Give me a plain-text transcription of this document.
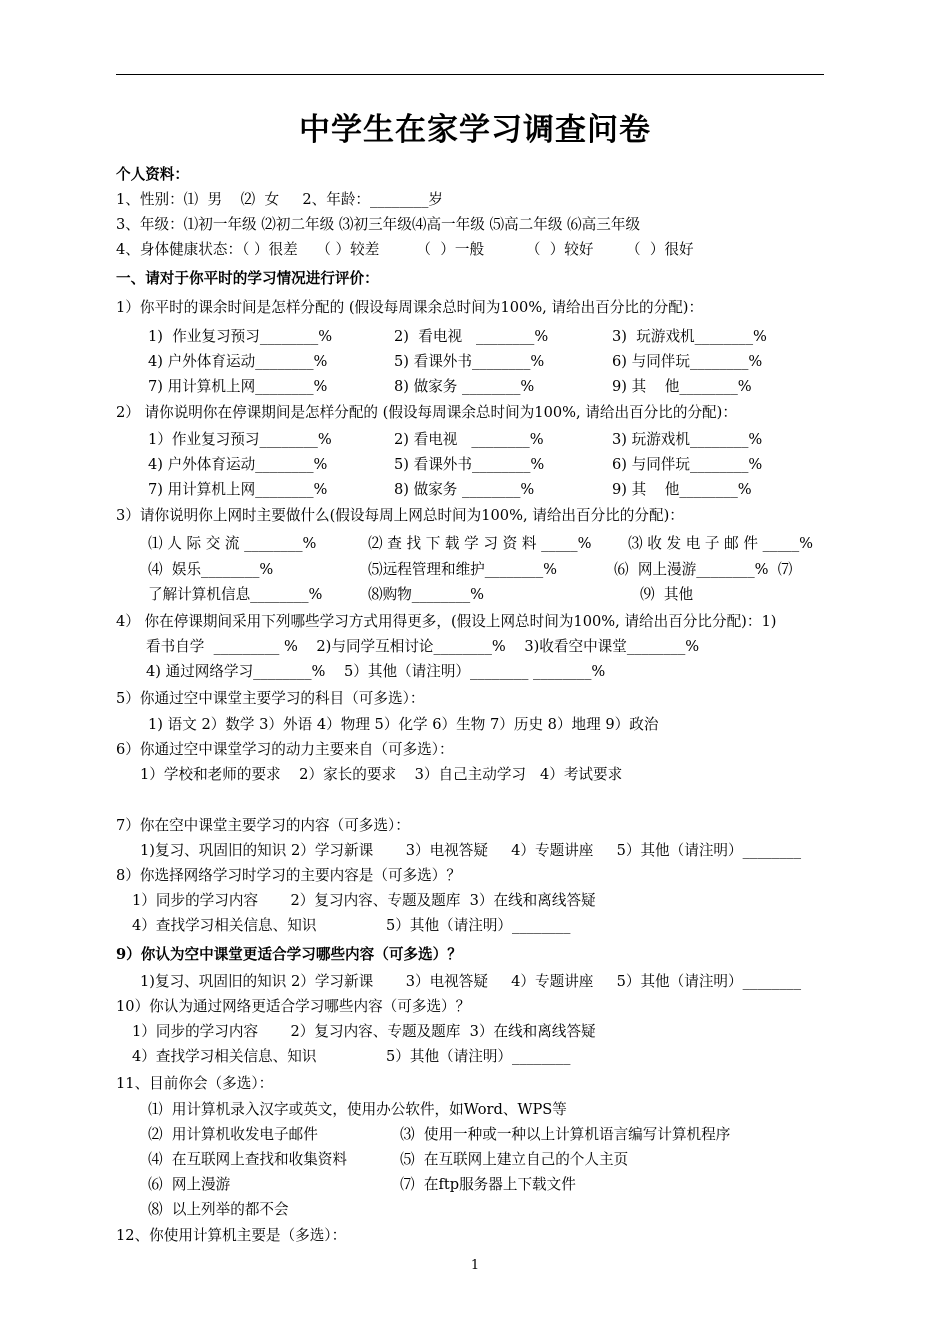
中学生在家学习调查问卷
个人资料：
1、性别：⑴  男    ⑵  女     2、年龄：________岁
3、年级：⑴初一年级 ⑵初二年级 ⑶初三年级⑷高一年级 ⑸高二年级 ⑹高三年级
4、身体健康状态：（ ）很差    （ ）较差        （  ）一般         （  ）较好       （  ）很好
一、请对于你平时的学习情况进行评价：
1）你平时的课余时间是怎样分配的 (假设每周课余总时间为100%, 请给出百分比的分配)：
1)  作业复习预习________%	2)  看电视   ________%	3)  玩游戏机________%
4) 户外体育运动________%	5) 看课外书________%	6) 与同伴玩________%
7) 用计算机上网________%	8) 做家务 ________%	9) 其    他________%
2） 请你说明你在停课期间是怎样分配的 (假设每周课余总时间为100%, 请给出百分比的分配)：
1）作业复习预习________%	2) 看电视   ________%	3) 玩游戏机________%
4) 户外体育运动________%	5) 看课外书________%	6) 与同伴玩________%
7) 用计算机上网________%	8) 做家务 ________%	9) 其    他________%
3）请你说明你上网时主要做什么(假设每周上网总时间为100%, 请给出百分比的分配)：
⑴ 人 际 交 流 ________%	⑵ 查 找 下 载 学 习 资 料 _____%	⑶ 收 发 电 子 邮 件 _____%
⑷  娱乐________%	⑸远程管理和维护________%	⑹  网上漫游________%  ⑺
了解计算机信息________%	⑻购物________%	⑼  其他
4） 你在停课期间采用下列哪些学习方式用得更多，(假设上网总时间为100%, 请给出百分比分配)：1)
看书自学  _________ %    2)与同学互相讨论________%    3)收看空中课堂________%
4) 通过网络学习________%    5）其他（请注明）________ ________%
5）你通过空中课堂主要学习的科目（可多选）：
1) 语文 2）数学 3）外语 4）物理 5）化学 6）生物 7）历史 8）地理 9）政治
6）你通过空中课堂学习的动力主要来自（可多选）：
1）学校和老师的要求    2）家长的要求    3）自己主动学习   4）考试要求
7）你在空中课堂主要学习的内容（可多选）：
1)复习、巩固旧的知识 2）学习新课       3）电视答疑     4）专题讲座     5）其他（请注明）________
8）你选择网络学习时学习的主要内容是（可多选）？
1）同步的学习内容       2）复习内容、专题及题库  3）在线和离线答疑
4）查找学习相关信息、知识               5）其他（请注明）________
9）你认为空中课堂更适合学习哪些内容（可多选）？
1)复习、巩固旧的知识 2）学习新课       3）电视答疑     4）专题讲座     5）其他（请注明）________
10）你认为通过网络更适合学习哪些内容（可多选）？
1）同步的学习内容       2）复习内容、专题及题库  3）在线和离线答疑
4）查找学习相关信息、知识               5）其他（请注明）________
11、目前你会（多选）：
⑴  用计算机录入汉字或英文，使用办公软件，如Word、WPS等
⑵  用计算机收发电子邮件	⑶  使用一种或一种以上计算机语言编写计算机程序
⑷  在互联网上查找和收集资料	⑸  在互联网上建立自己的个人主页
⑹  网上漫游	⑺  在ftp服务器上下载文件
⑻  以上列举的都不会
12、你使用计算机主要是（多选）：
1
